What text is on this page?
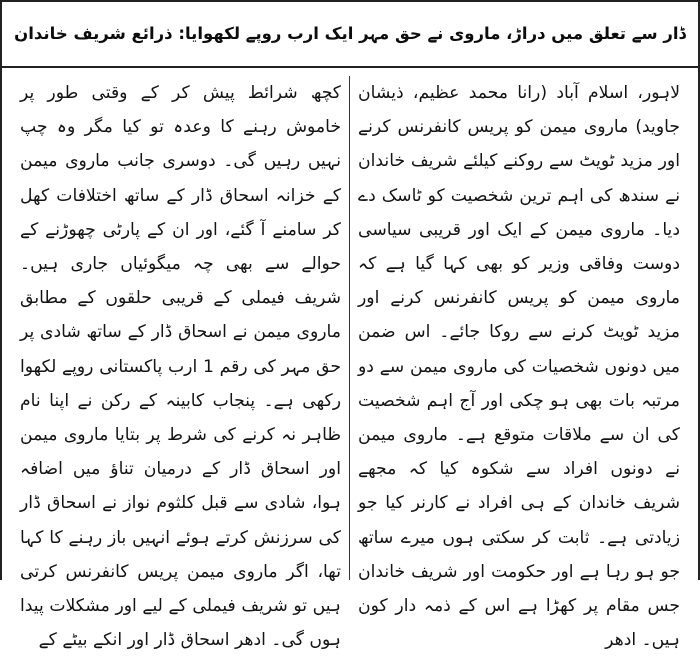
ڈار سے تعلق میں دراڑ، ماروی نے حق مہر ایک ارب روپے لکھوایا: ذرائع شریف خاندان

لاہور، اسلام آباد (رانا محمد عظیم، ذیشان جاوید) ماروی میمن کو پریس کانفرنس کرنے اور مزید ٹویٹ سے روکنے کیلئے شریف خاندان نے سندھ کی اہم ترین شخصیت کو ٹاسک دے دیا۔ ماروی میمن کے ایک اور قریبی سیاسی دوست وفاقی وزیر کو بھی کہا گیا ہے کہ ماروی میمن کو پریس کانفرنس کرنے اور مزید ٹویٹ کرنے سے روکا جائے۔ اس ضمن میں دونوں شخصیات کی ماروی میمن سے دو مرتبہ بات بھی ہو چکی اور آج اہم شخصیت کی ان سے ملاقات متوقع ہے۔ ماروی میمن نے دونوں افراد سے شکوہ کیا کہ مجھے شریف خاندان کے ہی افراد نے کارنر کیا جو زیادتی ہے۔ ثابت کر سکتی ہوں میرے ساتھ جو ہو رہا ہے اور حکومت اور شریف خاندان جس مقام پر کھڑا ہے اس کے ذمہ دار کون ہیں۔ ادھر

کچھ شرائط پیش کر کے وقتی طور پر خاموش رہنے کا وعدہ تو کیا مگر وہ چپ نہیں رہیں گی۔ دوسری جانب ماروی میمن کے خزانہ اسحاق ڈار کے ساتھ اختلافات کھل کر سامنے آ گئے، اور ان کے پارٹی چھوڑنے کے حوالے سے بھی چہ میگوئیاں جاری ہیں۔ شریف فیملی کے قریبی حلقوں کے مطابق ماروی میمن نے اسحاق ڈار کے ساتھ شادی پر حق مہر کی رقم 1 ارب پاکستانی روپے لکھوا رکھی ہے۔ پنجاب کابینہ کے رکن نے اپنا نام ظاہر نہ کرنے کی شرط پر بتایا ماروی میمن اور اسحاق ڈار کے درمیان تناؤ میں اضافہ ہوا، شادی سے قبل کلثوم نواز نے اسحاق ڈار کی سرزنش کرتے ہوئے انہیں باز رہنے کا کہا تھا، اگر ماروی میمن پریس کانفرنس کرتی ہیں تو شریف فیملی کے لیے اور مشکلات پیدا ہوں گی۔ ادھر اسحاق ڈار اور انکے بیٹے کے
